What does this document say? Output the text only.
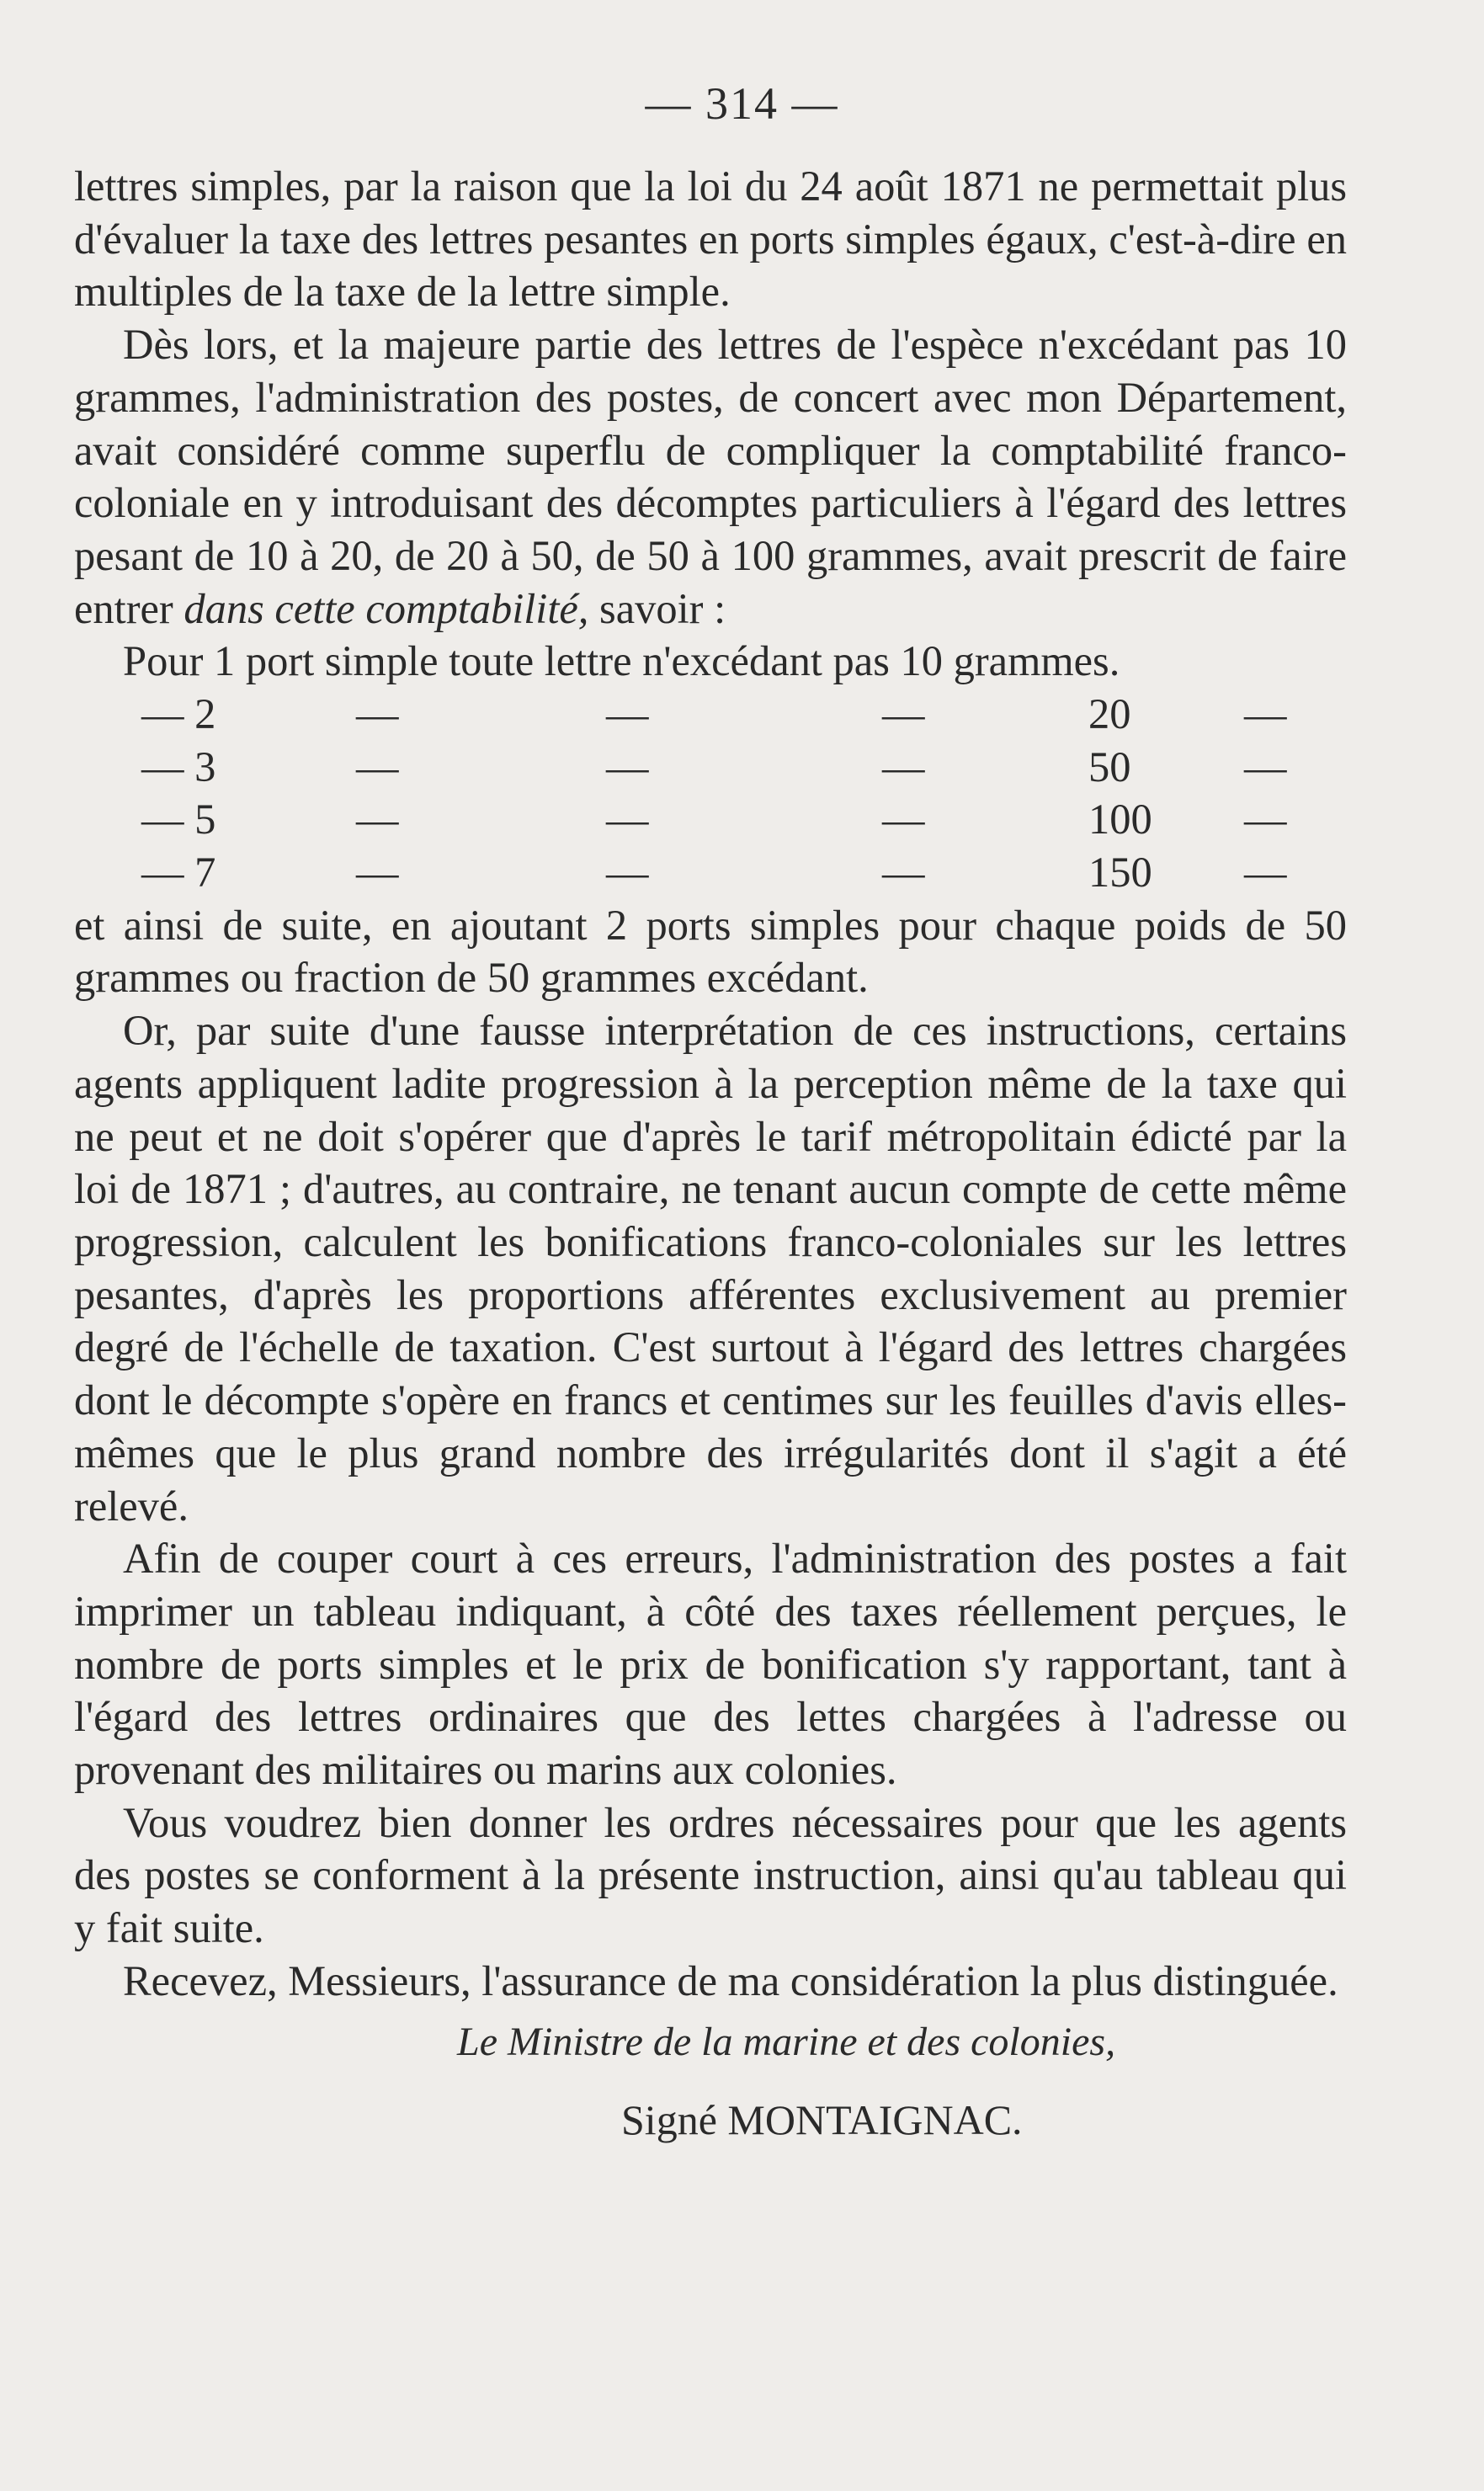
— 314 —

lettres simples, par la raison que la loi du 24 août 1871 ne permettait plus d'évaluer la taxe des lettres pesantes en ports simples égaux, c'est-à-dire en multiples de la taxe de la lettre simple.

Dès lors, et la majeure partie des lettres de l'espèce n'excédant pas 10 grammes, l'administration des postes, de concert avec mon Département, avait considéré comme superflu de compliquer la comptabilité franco-coloniale en y introduisant des décomptes particuliers à l'égard des lettres pesant de 10 à 20, de 20 à 50, de 50 à 100 grammes, avait prescrit de faire entrer dans cette comptabilité, savoir :

Pour 1 port simple toute lettre n'excédant pas 10 grammes.
— 2	—	—	—	20	—
— 3	—	—	—	50	—
— 5	—	—	—	100 —
— 7	—	—	—	150 —

et ainsi de suite, en ajoutant 2 ports simples pour chaque poids de 50 grammes ou fraction de 50 grammes excédant.

Or, par suite d'une fausse interprétation de ces instructions, certains agents appliquent ladite progression à la perception même de la taxe qui ne peut et ne doit s'opérer que d'après le tarif métropolitain édicté par la loi de 1871 ; d'autres, au contraire, ne tenant aucun compte de cette même progression, calculent les bonifications franco-coloniales sur les lettres pesantes, d'après les proportions afférentes exclusivement au premier degré de l'échelle de taxation. C'est surtout à l'égard des lettres chargées dont le décompte s'opère en francs et centimes sur les feuilles d'avis elles-mêmes que le plus grand nombre des irrégularités dont il s'agit a été relevé.

Afin de couper court à ces erreurs, l'administration des postes a fait imprimer un tableau indiquant, à côté des taxes réellement perçues, le nombre de ports simples et le prix de bonification s'y rapportant, tant à l'égard des lettres ordinaires que des lettes chargées à l'adresse ou provenant des militaires ou marins aux colonies.

Vous voudrez bien donner les ordres nécessaires pour que les agents des postes se conforment à la présente instruction, ainsi qu'au tableau qui y fait suite.

Recevez, Messieurs, l'assurance de ma considération la plus distinguée.

Le Ministre de la marine et des colonies,
Signé MONTAIGNAC.
